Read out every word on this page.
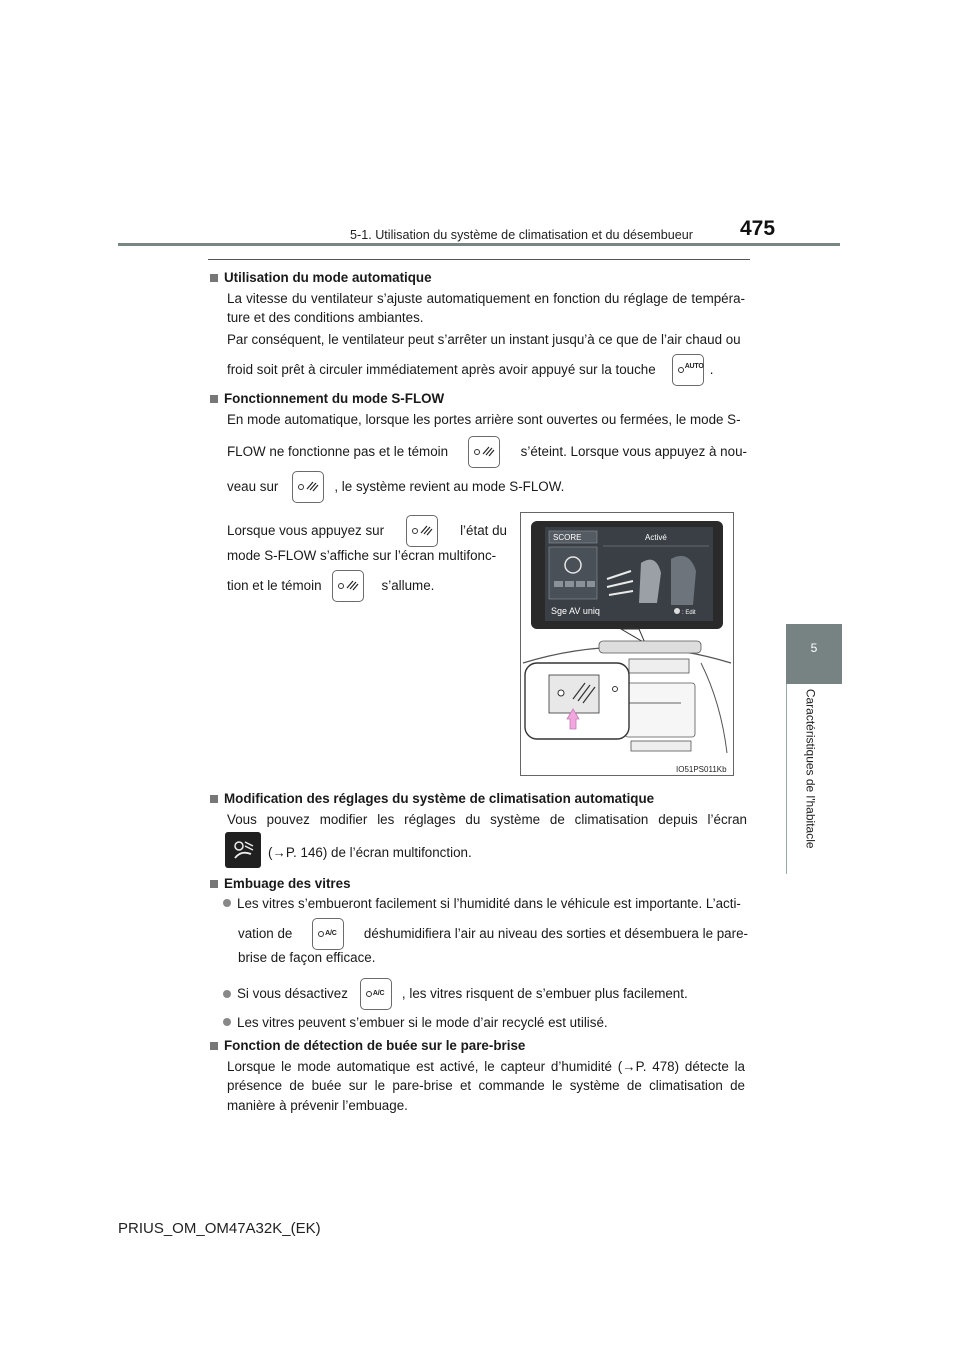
5-1. Utilisation du système de climatisation et du désembueur 475
5
Caractéristiques de l'habitacle
Utilisation du mode automatique
La vitesse du ventilateur s’ajuste automatiquement en fonction du réglage de tempéra-ture et des conditions ambiantes.
Par conséquent, le ventilateur peut s’arrêter un instant jusqu’à ce que de l’air chaud ou
froid soit prêt à circuler immédiatement après avoir appuyé sur la touche	AUTO .
Fonctionnement du mode S-FLOW
En mode automatique, lorsque les portes arrière sont ouvertes ou fermées, le mode S-
FLOW ne fonctionne pas et le témoin	s’éteint. Lorsque vous appuyez à nou-
veau sur	, le système revient au mode S-FLOW.
Lorsque vous appuyez sur	l’état du
mode S-FLOW s’affiche sur l’écran multifonc-
tion et le témoin	s’allume.
SCORE	Activé
Sge AV uniq	: Edit
IO51PS011Kb
Modification des réglages du système de climatisation automatique
Vous pouvez modifier les réglages du système de climatisation depuis l’écran
(→P. 146) de l’écran multifonction.
Embuage des vitres
Les vitres s’embueront facilement si l’humidité dans le véhicule est importante. L’acti-
vation de	A/C déshumidifiera l’air au niveau des sorties et désembuera le pare-
brise de façon efficace.
Si vous désactivez	A/C , les vitres risquent de s’embuer plus facilement.
Les vitres peuvent s’embuer si le mode d’air recyclé est utilisé.
Fonction de détection de buée sur le pare-brise
Lorsque le mode automatique est activé, le capteur d’humidité (→P. 478) détecte la présence de buée sur le pare-brise et commande le système de climatisation de manière à prévenir l’embuage.
PRIUS_OM_OM47A32K_(EK)
